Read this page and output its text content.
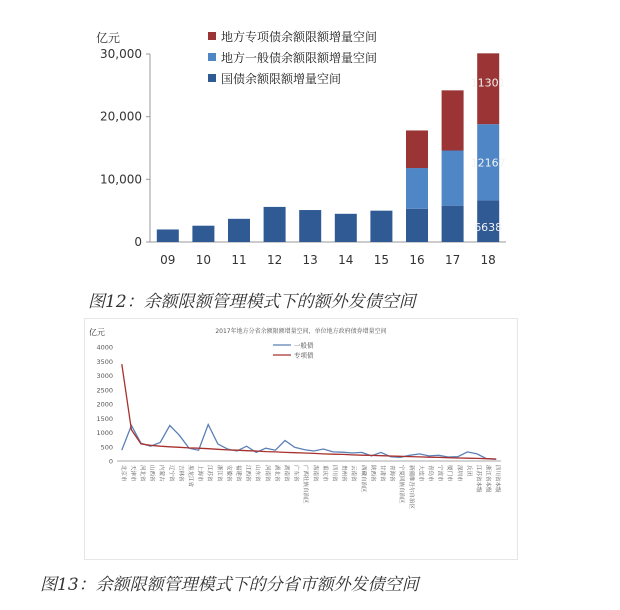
亿元
0
10,000
20,000
30,000
09 10 11 12 13 14 15 16 17 18
地方专项债余额限额增量空间
地方一般债余额限额增量空间
国债余额限额增量空间
6638
12167
11301
图12：余额限额管理模式下的额外发债空间
2017年地方分省余额限额增量空间，单位地方政府债券增量空间
亿元
0
500
1000
1500
2000
2500
3000
3500
4000	一般债
专项债
北京市 天津市 河北省 山西省 内蒙古 辽宁省 吉林省 黑龙江省 上海市 江苏省 浙江省 安徽省 福建省 江西省 山东省 河南省 湖北省 湖南省 广东省 广西壮族自治区 海南省 重庆市 四川省 贵州省 云南省 西藏自治区 陕西省 甘肃省 青海省 宁夏回族自治区 新疆维吾尔自治区 大连市 青岛市 宁波市 厦门市 深圳市 兵团 江苏省本级 浙江省本级 四川省本级
图13：余额限额管理模式下的分省市额外发债空间
